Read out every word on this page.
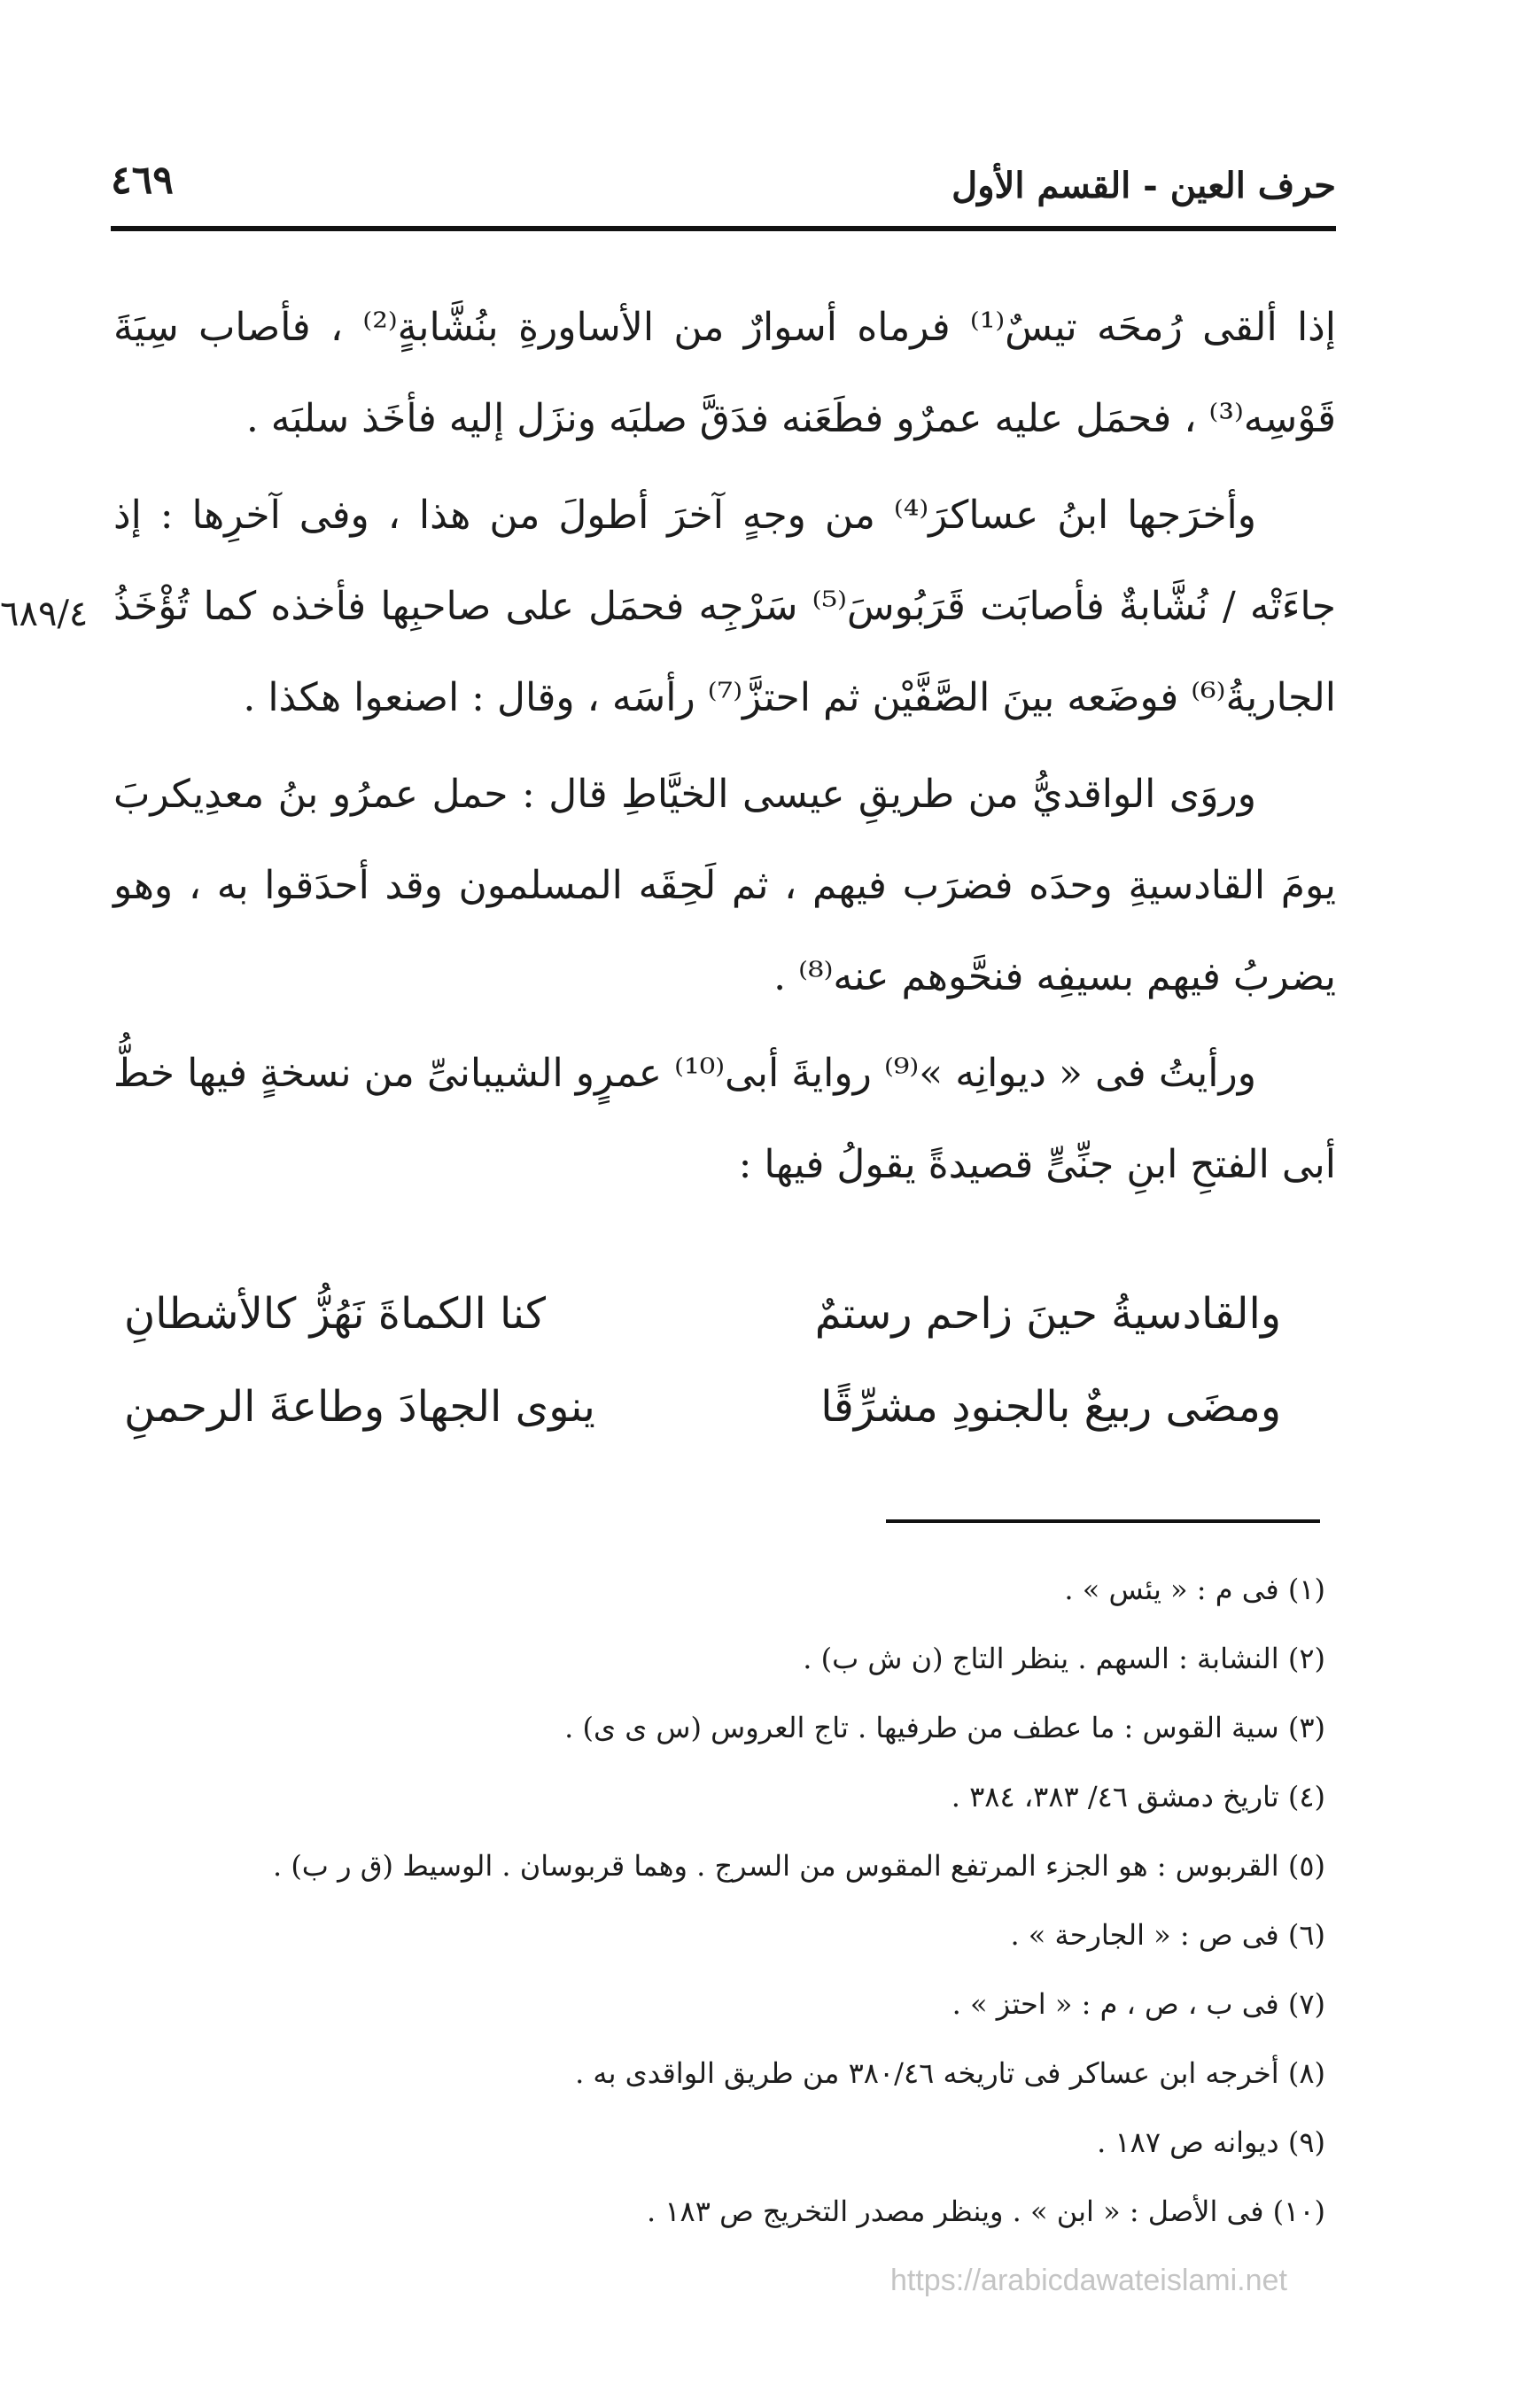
حرف العين - القسم الأول
٤٦٩
٦٨٩/٤

إذا ألقى رُمحَه تيسٌ⁽¹⁾ فرماه أسوارٌ من الأساورةِ بنُشَّابةٍ⁽²⁾ ، فأصاب سِيَةَ قَوْسِه⁽³⁾ ، فحمَل عليه عمرٌو فطَعَنه فدَقَّ صلبَه ونزَل إليه فأخَذ سلبَه .

وأخرَجها ابنُ عساكرَ⁽⁴⁾ من وجهٍ آخرَ أطولَ من هذا ، وفى آخرِها : إذ جاءَتْه / نُشَّابةٌ فأصابَت قَرَبُوسَ⁽⁵⁾ سَرْجِه فحمَل على صاحبِها فأخذه كما تُؤْخَذُ الجاريةُ⁽⁶⁾ فوضَعه بينَ الصَّفَّيْن ثم احتزَّ⁽⁷⁾ رأسَه ، وقال : اصنعوا هكذا .

وروَى الواقديُّ من طريقِ عيسى الخيَّاطِ قال : حمل عمرُو بنُ معدِيكربَ يومَ القادسيةِ وحدَه فضرَب فيهم ، ثم لَحِقَه المسلمون وقد أحدَقوا به ، وهو يضربُ فيهم بسيفِه فنحَّوهم عنه⁽⁸⁾ .

ورأيتُ فى « ديوانِه »⁽⁹⁾ روايةَ أبى⁽¹⁰⁾ عمرٍو الشيبانىِّ من نسخةٍ فيها خطُّ أبى الفتحِ ابنِ جنِّىٍّ قصيدةً يقولُ فيها :

والقادسيةُ حينَ زاحم رستمٌ
كنا الكماةَ نَهُزُّ كالأشطانِ
ومضَى ربيعٌ بالجنودِ مشرِّقًا
ينوى الجهادَ وطاعةَ الرحمنِ
(١) فى م : « يئس » .
(٢) النشابة : السهم . ينظر التاج (ن ش ب) .
(٣) سية القوس : ما عطف من طرفيها . تاج العروس (س ى ى) .
(٤) تاريخ دمشق ٤٦/ ٣٨٣، ٣٨٤ .
(٥) القربوس : هو الجزء المرتفع المقوس من السرج . وهما قربوسان . الوسيط (ق ر ب) .
(٦) فى ص : « الجارحة » .
(٧) فى ب ، ص ، م : « احتز » .
(٨) أخرجه ابن عساكر فى تاريخه ٣٨٠/٤٦ من طريق الواقدى به .
(٩) ديوانه ص ١٨٧ .
(١٠) فى الأصل : « ابن » . وينظر مصدر التخريج ص ١٨٣ .
https://arabicdawateislami.net
